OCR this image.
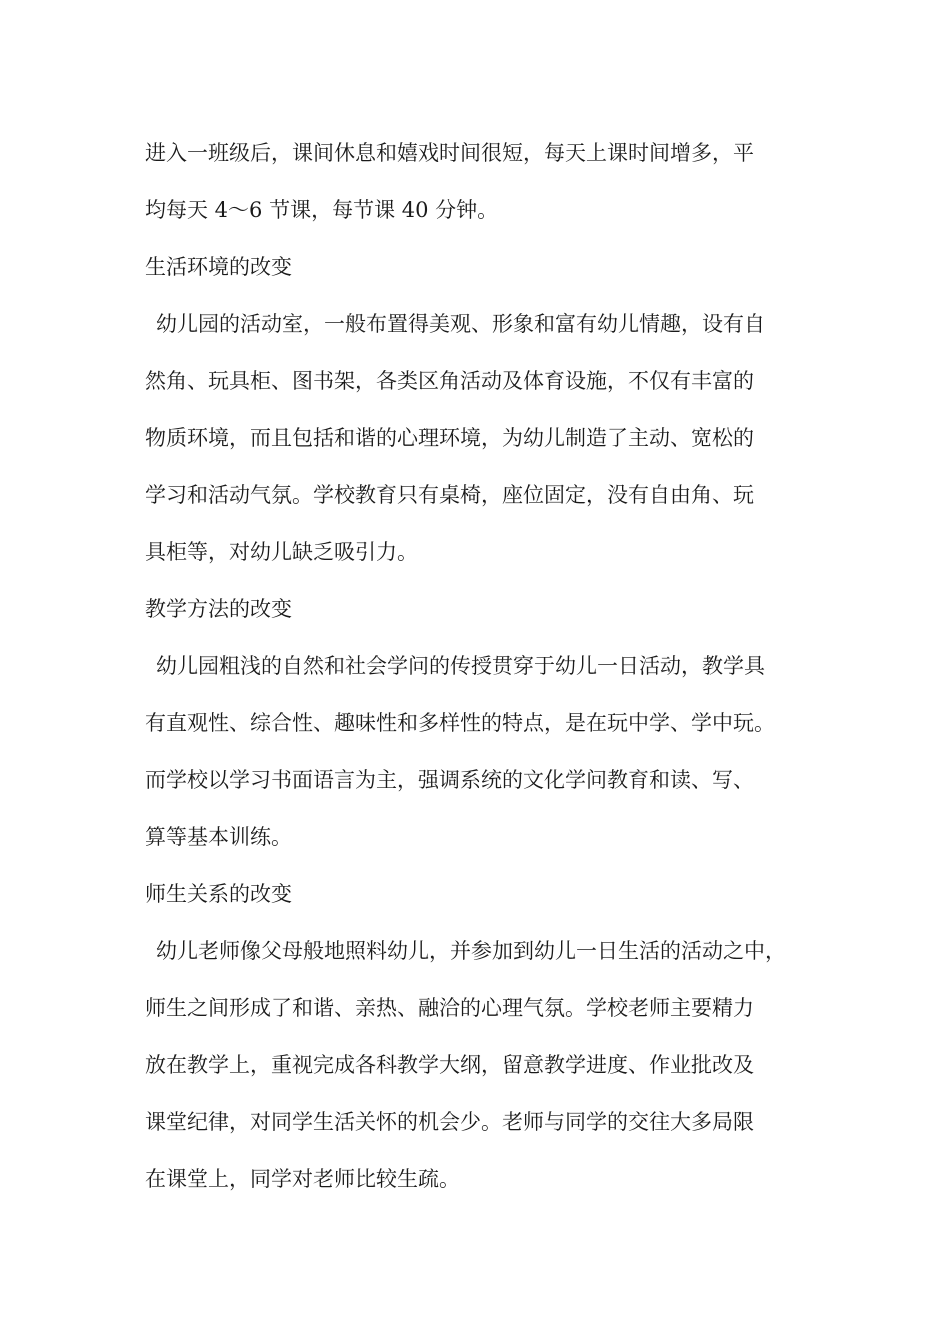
进入一班级后，课间休息和嬉戏时间很短，每天上课时间增多，平
均每天 4～6 节课，每节课 40 分钟。
生活环境的改变
幼儿园的活动室，一般布置得美观、形象和富有幼儿情趣，设有自
然角、玩具柜、图书架，各类区角活动及体育设施，不仅有丰富的
物质环境，而且包括和谐的心理环境，为幼儿制造了主动、宽松的
学习和活动气氛。学校教育只有桌椅，座位固定，没有自由角、玩
具柜等，对幼儿缺乏吸引力。
教学方法的改变
幼儿园粗浅的自然和社会学问的传授贯穿于幼儿一日活动，教学具
有直观性、综合性、趣味性和多样性的特点，是在玩中学、学中玩。
而学校以学习书面语言为主，强调系统的文化学问教育和读、写、
算等基本训练。
师生关系的改变
幼儿老师像父母般地照料幼儿，并参加到幼儿一日生活的活动之中，
师生之间形成了和谐、亲热、融洽的心理气氛。学校老师主要精力
放在教学上，重视完成各科教学大纲，留意教学进度、作业批改及
课堂纪律，对同学生活关怀的机会少。老师与同学的交往大多局限
在课堂上，同学对老师比较生疏。
